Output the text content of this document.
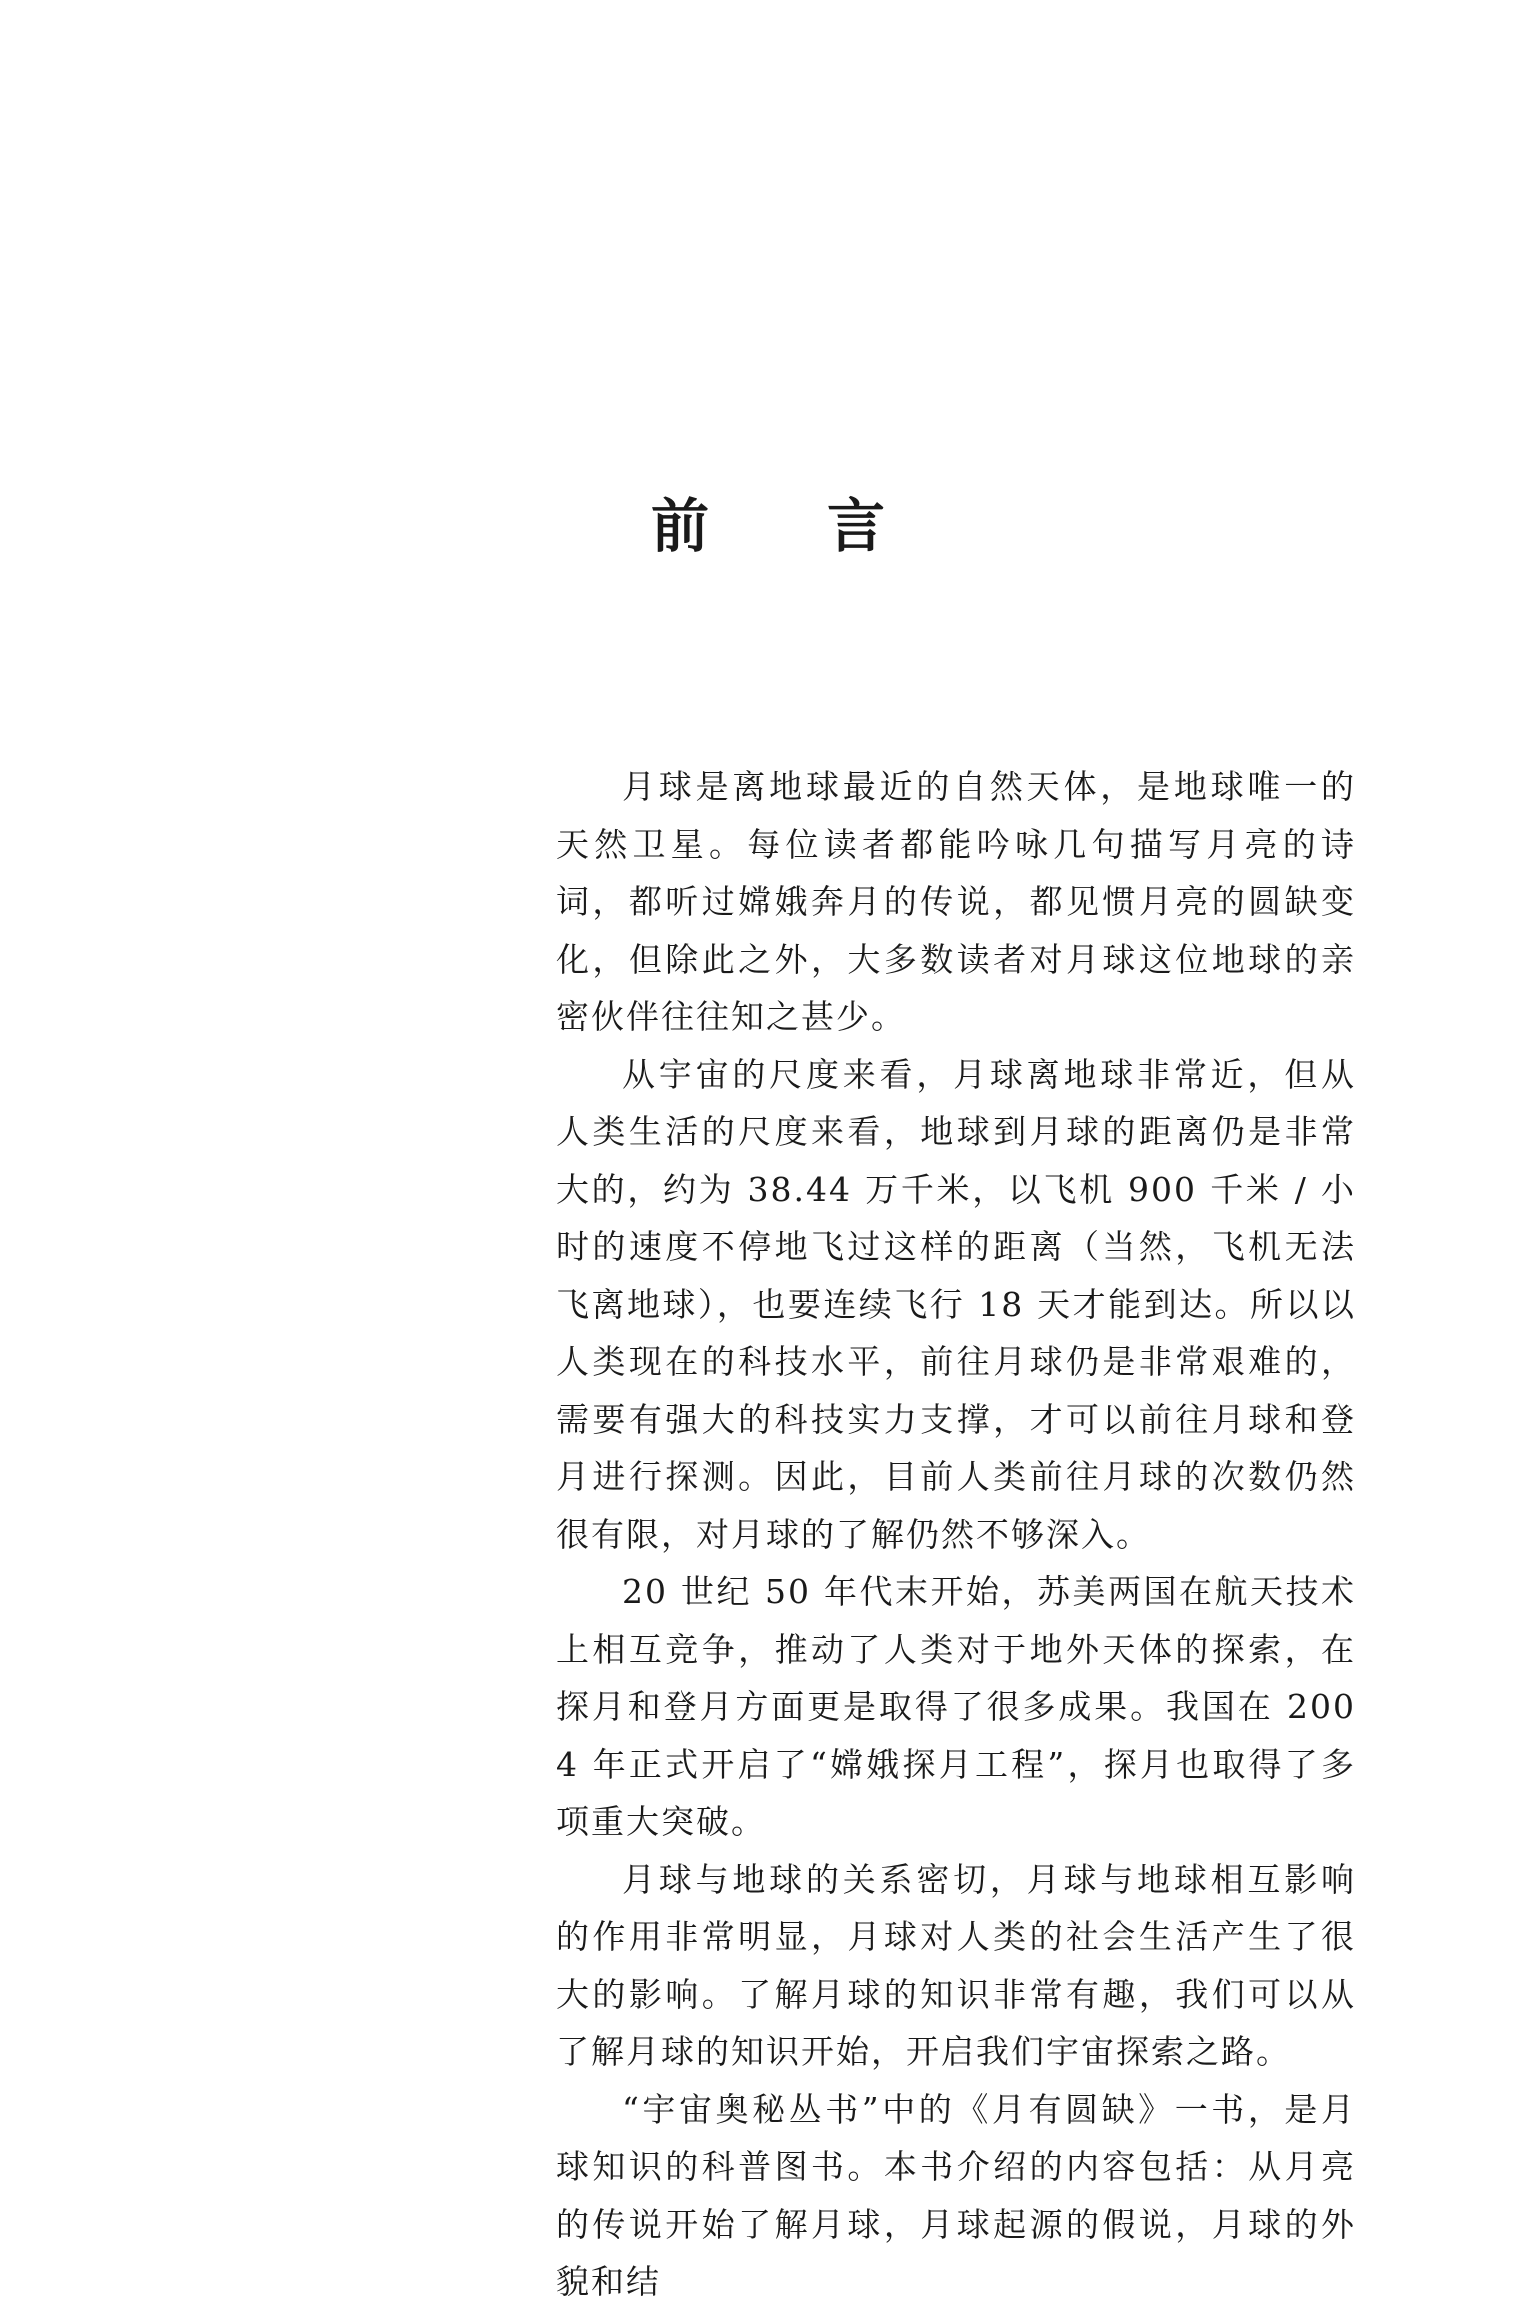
前言

月球是离地球最近的自然天体，是地球唯一的天然卫星。每位读者都能吟咏几句描写月亮的诗词，都听过嫦娥奔月的传说，都见惯月亮的圆缺变化，但除此之外，大多数读者对月球这位地球的亲密伙伴往往知之甚少。

从宇宙的尺度来看，月球离地球非常近，但从人类生活的尺度来看，地球到月球的距离仍是非常大的，约为 38.44 万千米，以飞机 900 千米 / 小时的速度不停地飞过这样的距离（当然，飞机无法飞离地球），也要连续飞行 18 天才能到达。所以以人类现在的科技水平，前往月球仍是非常艰难的，需要有强大的科技实力支撑，才可以前往月球和登月进行探测。因此，目前人类前往月球的次数仍然很有限，对月球的了解仍然不够深入。

20 世纪 50 年代末开始，苏美两国在航天技术上相互竞争，推动了人类对于地外天体的探索，在探月和登月方面更是取得了很多成果。我国在 2004 年正式开启了“嫦娥探月工程”，探月也取得了多项重大突破。

月球与地球的关系密切，月球与地球相互影响的作用非常明显，月球对人类的社会生活产生了很大的影响。了解月球的知识非常有趣，我们可以从了解月球的知识开始，开启我们宇宙探索之路。

“宇宙奥秘丛书”中的《月有圆缺》一书，是月球知识的科普图书。本书介绍的内容包括：从月亮的传说开始了解月球，月球起源的假说，月球的外貌和结
